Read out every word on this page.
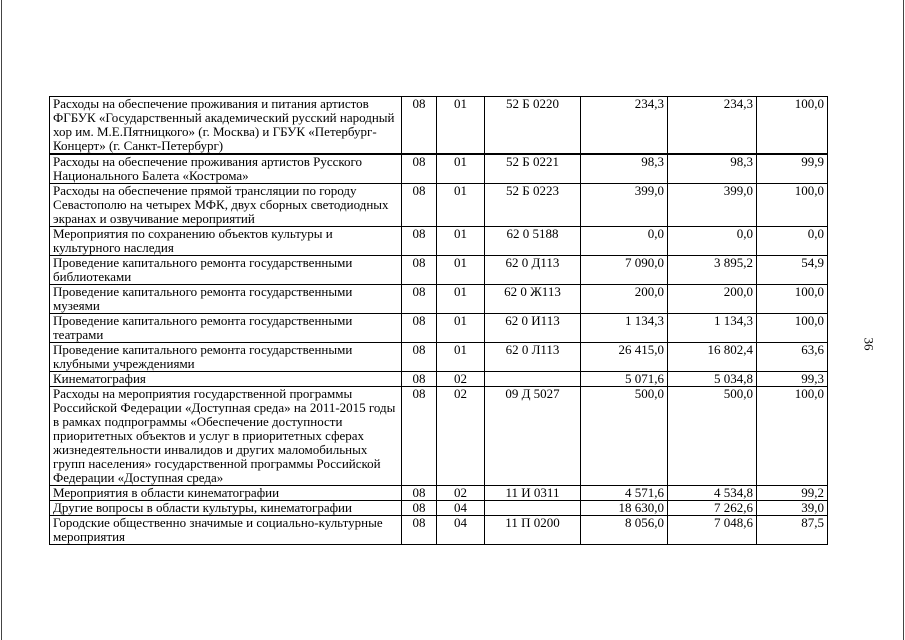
36
Расходы на обеспечение проживания и питания артистов ФГБУК «Государственный академический русский народный хор им. М.Е.Пятницкого» (г. Москва) и ГБУК «Петербург-Концерт» (г. Санкт-Петербург)	08	01	52 Б 0220	234,3	234,3	100,0
Расходы на обеспечение проживания артистов Русского Национального Балета «Кострома»	08	01	52 Б 0221	98,3	98,3	99,9
Расходы на обеспечение прямой трансляции по городу Севастополю на четырех МФК, двух сборных светодиодных экранах и озвучивание мероприятий	08	01	52 Б 0223	399,0	399,0	100,0
Мероприятия по сохранению объектов культуры и культурного наследия	08	01	62 0 5188	0,0	0,0	0,0
Проведение капитального ремонта государственными библиотеками	08	01	62 0 Д113	7 090,0	3 895,2	54,9
Проведение капитального ремонта государственными музеями	08	01	62 0 Ж113	200,0	200,0	100,0
Проведение капитального ремонта государственными театрами	08	01	62 0 И113	1 134,3	1 134,3	100,0
Проведение капитального ремонта государственными клубными учреждениями	08	01	62 0 Л113	26 415,0	16 802,4	63,6
Кинематография	08	02		5 071,6	5 034,8	99,3
Расходы на мероприятия государственной программы Российской Федерации «Доступная среда» на 2011-2015 годы в рамках подпрограммы «Обеспечение доступности приоритетных объектов и услуг в приоритетных сферах жизнедеятельности инвалидов и других маломобильных групп населения» государственной программы Российской Федерации «Доступная среда»	08	02	09 Д 5027	500,0	500,0	100,0
Мероприятия в области кинематографии	08	02	11 И 0311	4 571,6	4 534,8	99,2
Другие вопросы в области культуры, кинематографии	08	04		18 630,0	7 262,6	39,0
Городские общественно значимые и социально-культурные мероприятия	08	04	11 П 0200	8 056,0	7 048,6	87,5
